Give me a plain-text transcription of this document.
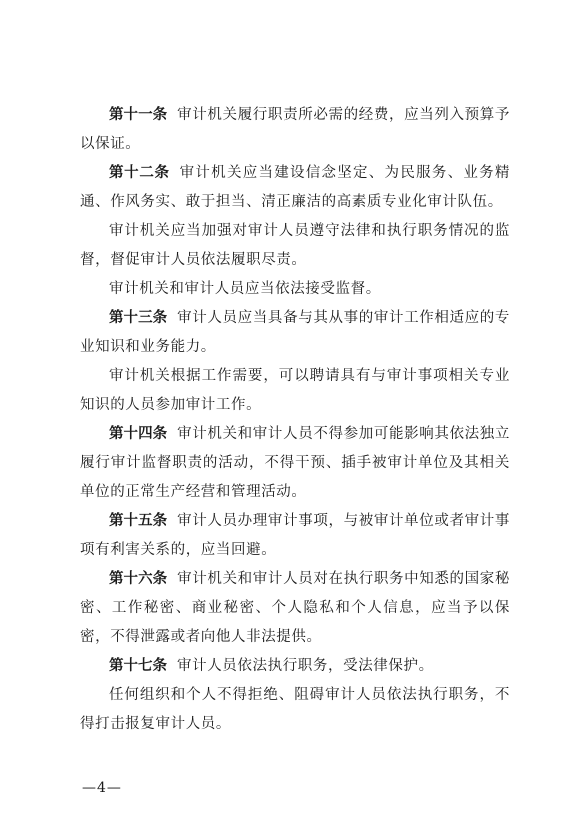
第十一条 审计机关履行职责所必需的经费，应当列入预算予以保证。

第十二条 审计机关应当建设信念坚定、为民服务、业务精通、作风务实、敢于担当、清正廉洁的高素质专业化审计队伍。

审计机关应当加强对审计人员遵守法律和执行职务情况的监督，督促审计人员依法履职尽责。

审计机关和审计人员应当依法接受监督。

第十三条 审计人员应当具备与其从事的审计工作相适应的专业知识和业务能力。

审计机关根据工作需要，可以聘请具有与审计事项相关专业知识的人员参加审计工作。

第十四条 审计机关和审计人员不得参加可能影响其依法独立履行审计监督职责的活动，不得干预、插手被审计单位及其相关单位的正常生产经营和管理活动。

第十五条 审计人员办理审计事项，与被审计单位或者审计事项有利害关系的，应当回避。

第十六条 审计机关和审计人员对在执行职务中知悉的国家秘密、工作秘密、商业秘密、个人隐私和个人信息，应当予以保密，不得泄露或者向他人非法提供。

第十七条 审计人员依法执行职务，受法律保护。

任何组织和个人不得拒绝、阻碍审计人员依法执行职务，不得打击报复审计人员。

—4—
